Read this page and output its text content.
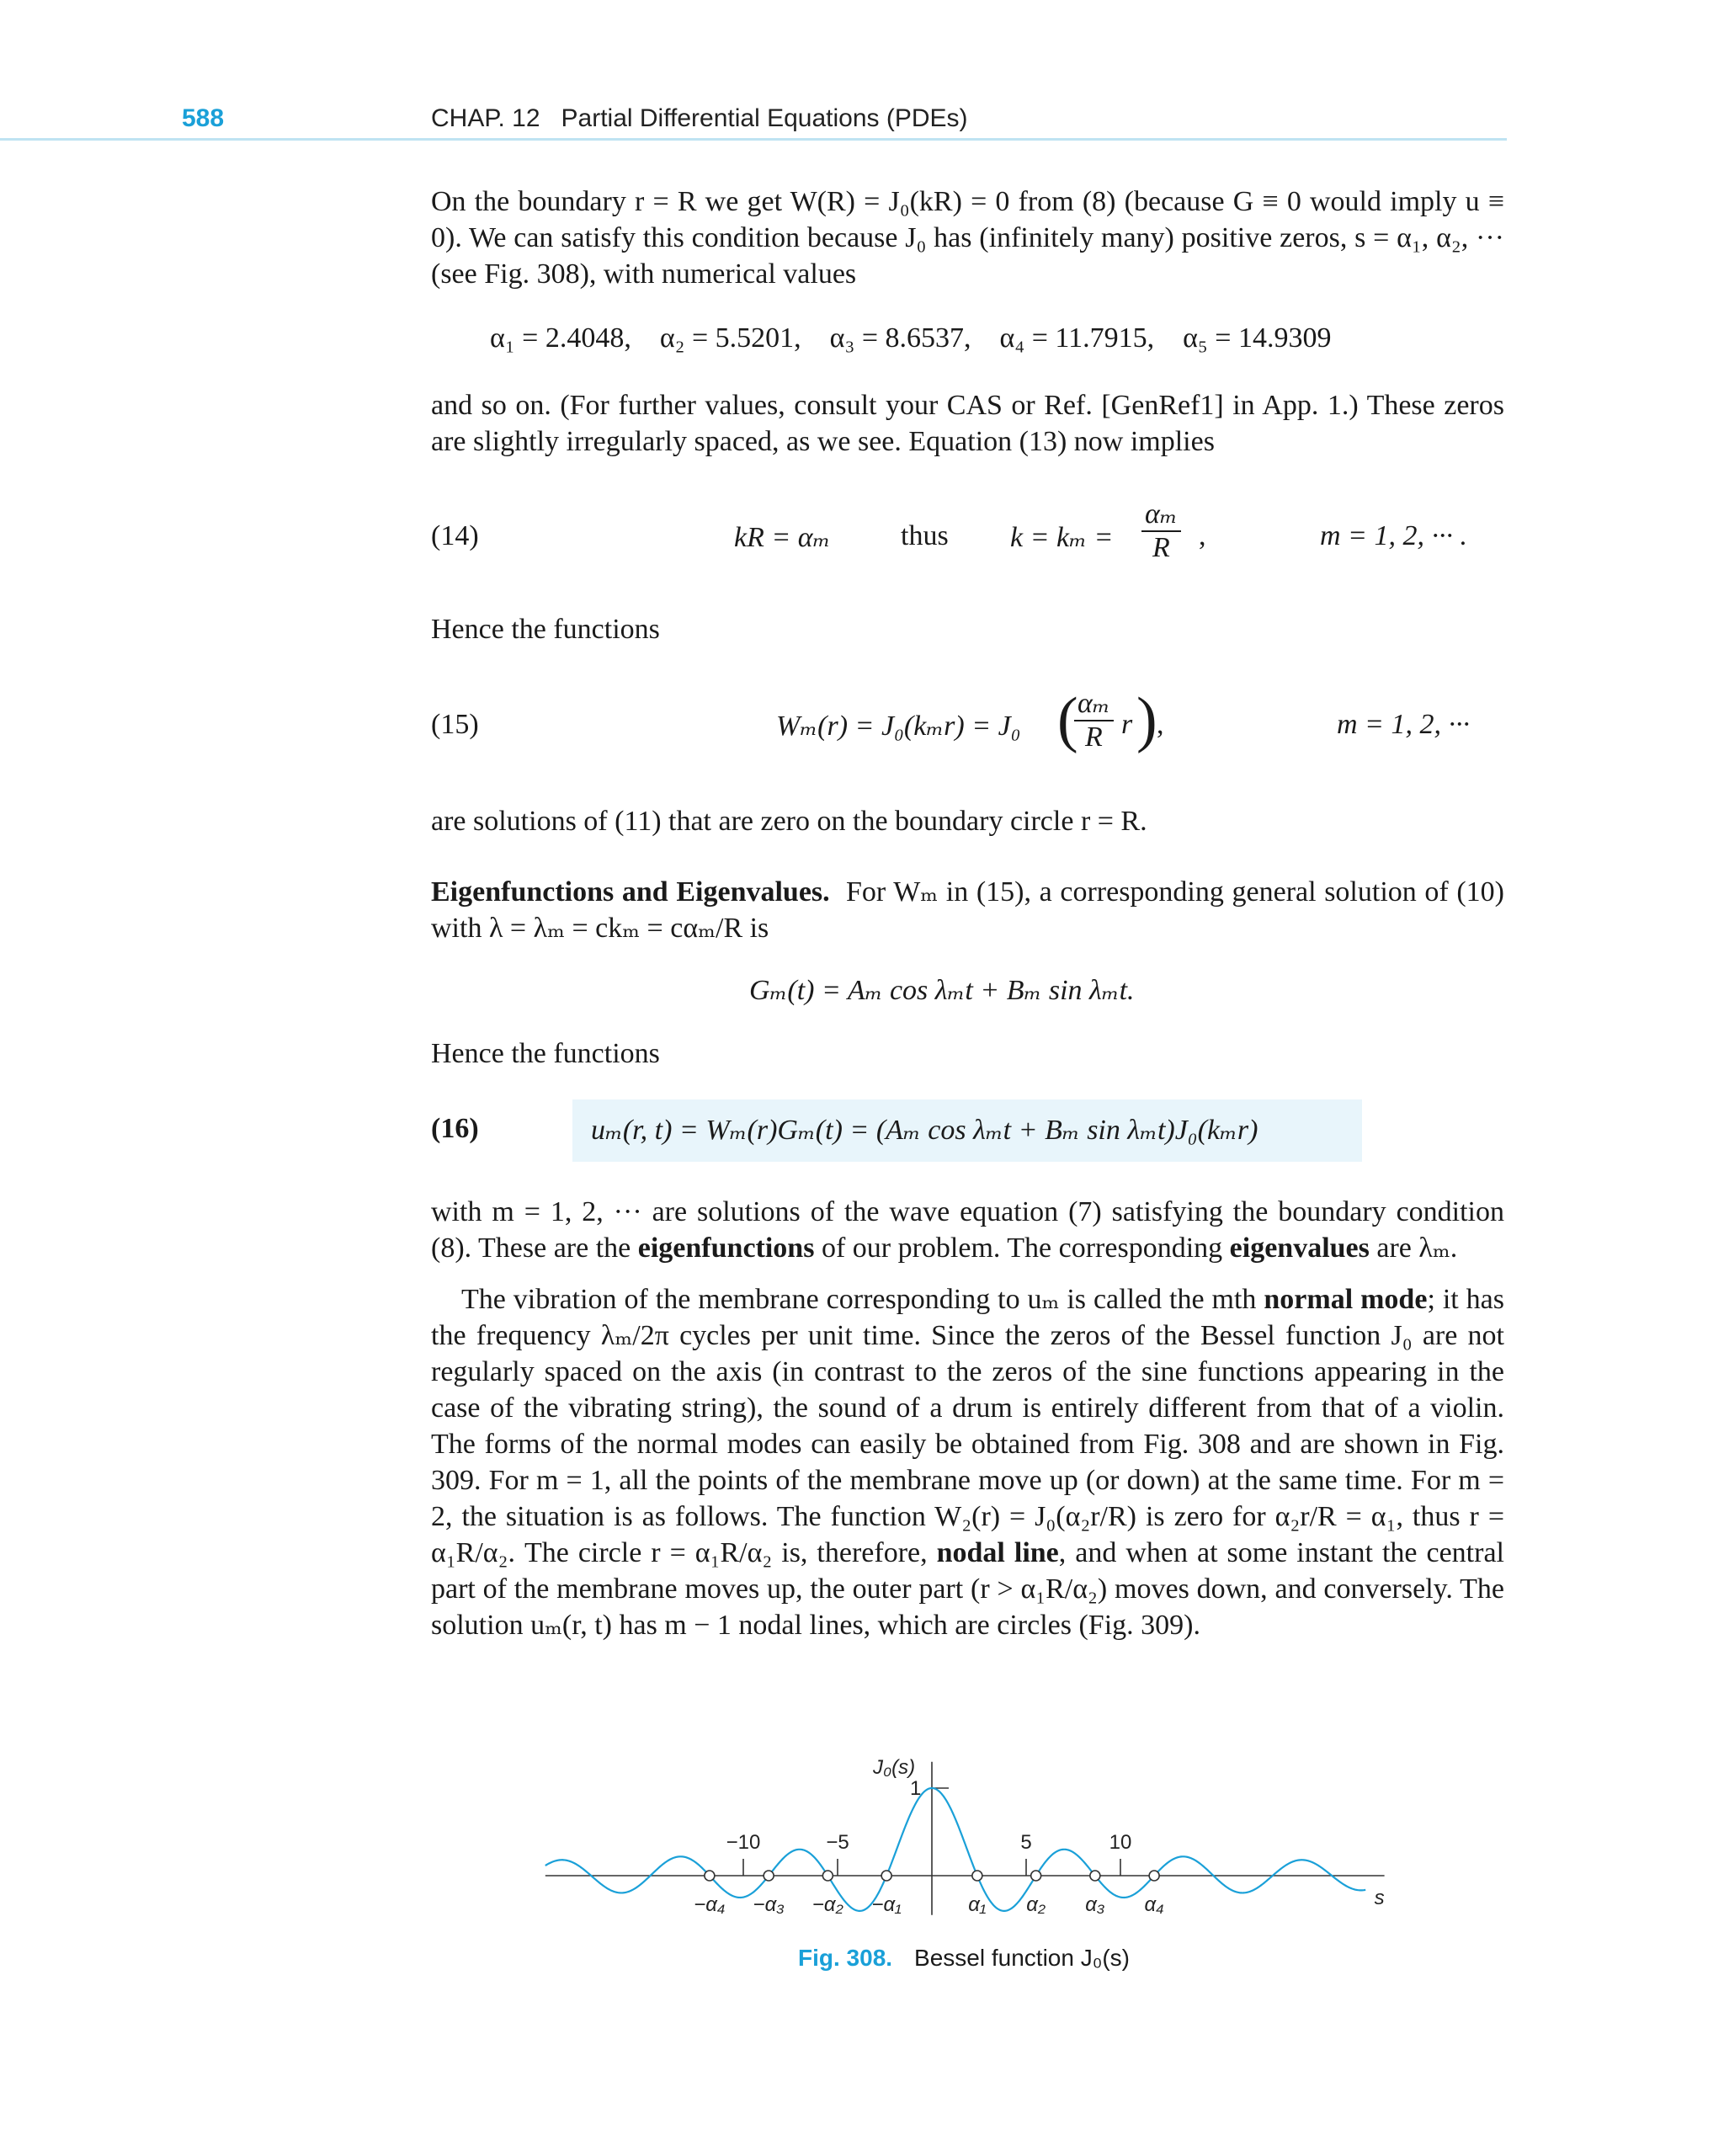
588	CHAP. 12   Partial Differential Equations (PDEs)
On the boundary r = R we get W(R) = J₀(kR) = 0 from (8) (because G ≡ 0 would imply u ≡ 0). We can satisfy this condition because J₀ has (infinitely many) positive zeros, s = α₁, α₂, ··· (see Fig. 308), with numerical values
α₁ = 2.4048,    α₂ = 5.5201,    α₃ = 8.6537,    α₄ = 11.7915,    α₅ = 14.9309
and so on. (For further values, consult your CAS or Ref. [GenRef1] in App. 1.) These zeros are slightly irregularly spaced, as we see. Equation (13) now implies
(14)	kR = αₘ thus $k = k_m = \frac{\text{αₘ}}{R}$ ,	m = 1, 2, ··· .
Hence the functions
(15)	Wₘ(r) = J₀(kₘr) = J₀ (
$\frac{\text{αₘ}}{R}$ r ) ,	m = 1, 2, ···
are solutions of (11) that are zero on the boundary circle r = R.
Eigenfunctions and Eigenvalues.  For Wₘ in (15), a corresponding general solution of (10) with λ = λₘ = ckₘ = cαₘ/R is
Gₘ(t) = Aₘ cos λₘt + Bₘ sin λₘt.
Hence the functions
(16)	uₘ(r, t) = Wₘ(r)Gₘ(t) = (Aₘ cos λₘt + Bₘ sin λₘt)J₀(kₘr)
with m = 1, 2, ··· are solutions of the wave equation (7) satisfying the boundary condition (8). These are the eigenfunctions of our problem. The corresponding eigenvalues are λₘ.
The vibration of the membrane corresponding to uₘ is called the mth normal mode; it has the frequency λₘ/2π cycles per unit time. Since the zeros of the Bessel function J₀ are not regularly spaced on the axis (in contrast to the zeros of the sine functions appearing in the case of the vibrating string), the sound of a drum is entirely different from that of a violin. The forms of the normal modes can easily be obtained from Fig. 308 and are shown in Fig. 309. For m = 1, all the points of the membrane move up (or down) at the same time. For m = 2, the situation is as follows. The function W₂(r) = J₀(α₂r/R) is zero for α₂r/R = α₁, thus r = α₁R/α₂. The circle r = α₁R/α₂ is, therefore, nodal line, and when at some instant the central part of the membrane moves up, the outer part (r > α₁R/α₂) moves down, and conversely. The solution uₘ(r, t) has m − 1 nodal lines, which are circles (Fig. 309).
J₀(s)
s
1
−10	−5	5	10
−α₄ −α₃ −α₂ −α₁	α₁ α₂ α₃ α₄
Fig. 308. Bessel function J₀(s)
